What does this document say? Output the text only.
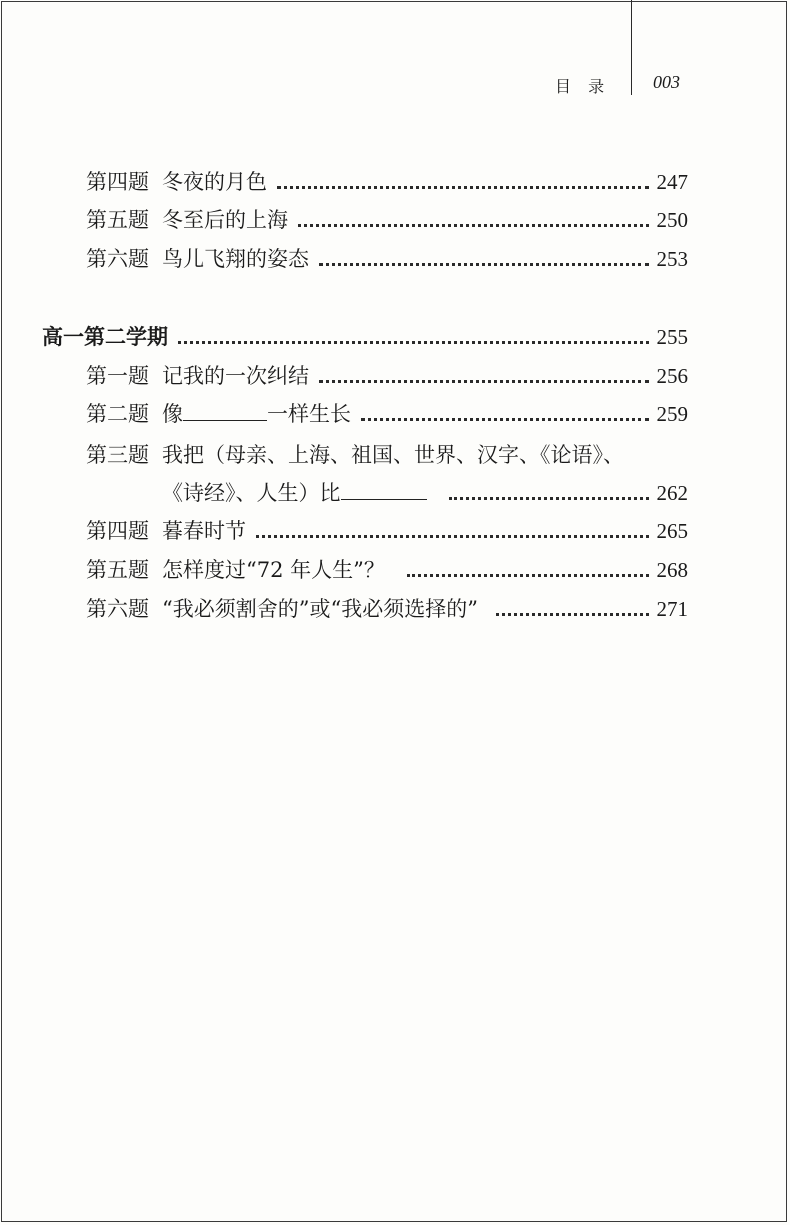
目 录 003
第四题 冬夜的月色	247
第五题 冬至后的上海	250
第六题 鸟儿飞翔的姿态	253
高一第二学期	255
第一题 记我的一次纠结	256
第二题 像	一样生长	259
第三题 我把（母亲、上海、祖国、世界、汉字、《论语》、
《诗经》、人生）比	262
第四题 暮春时节	265
第五题 怎样度过“72 年人生”？	268
第六题 “我必须割舍的”或“我必须选择的”	271
